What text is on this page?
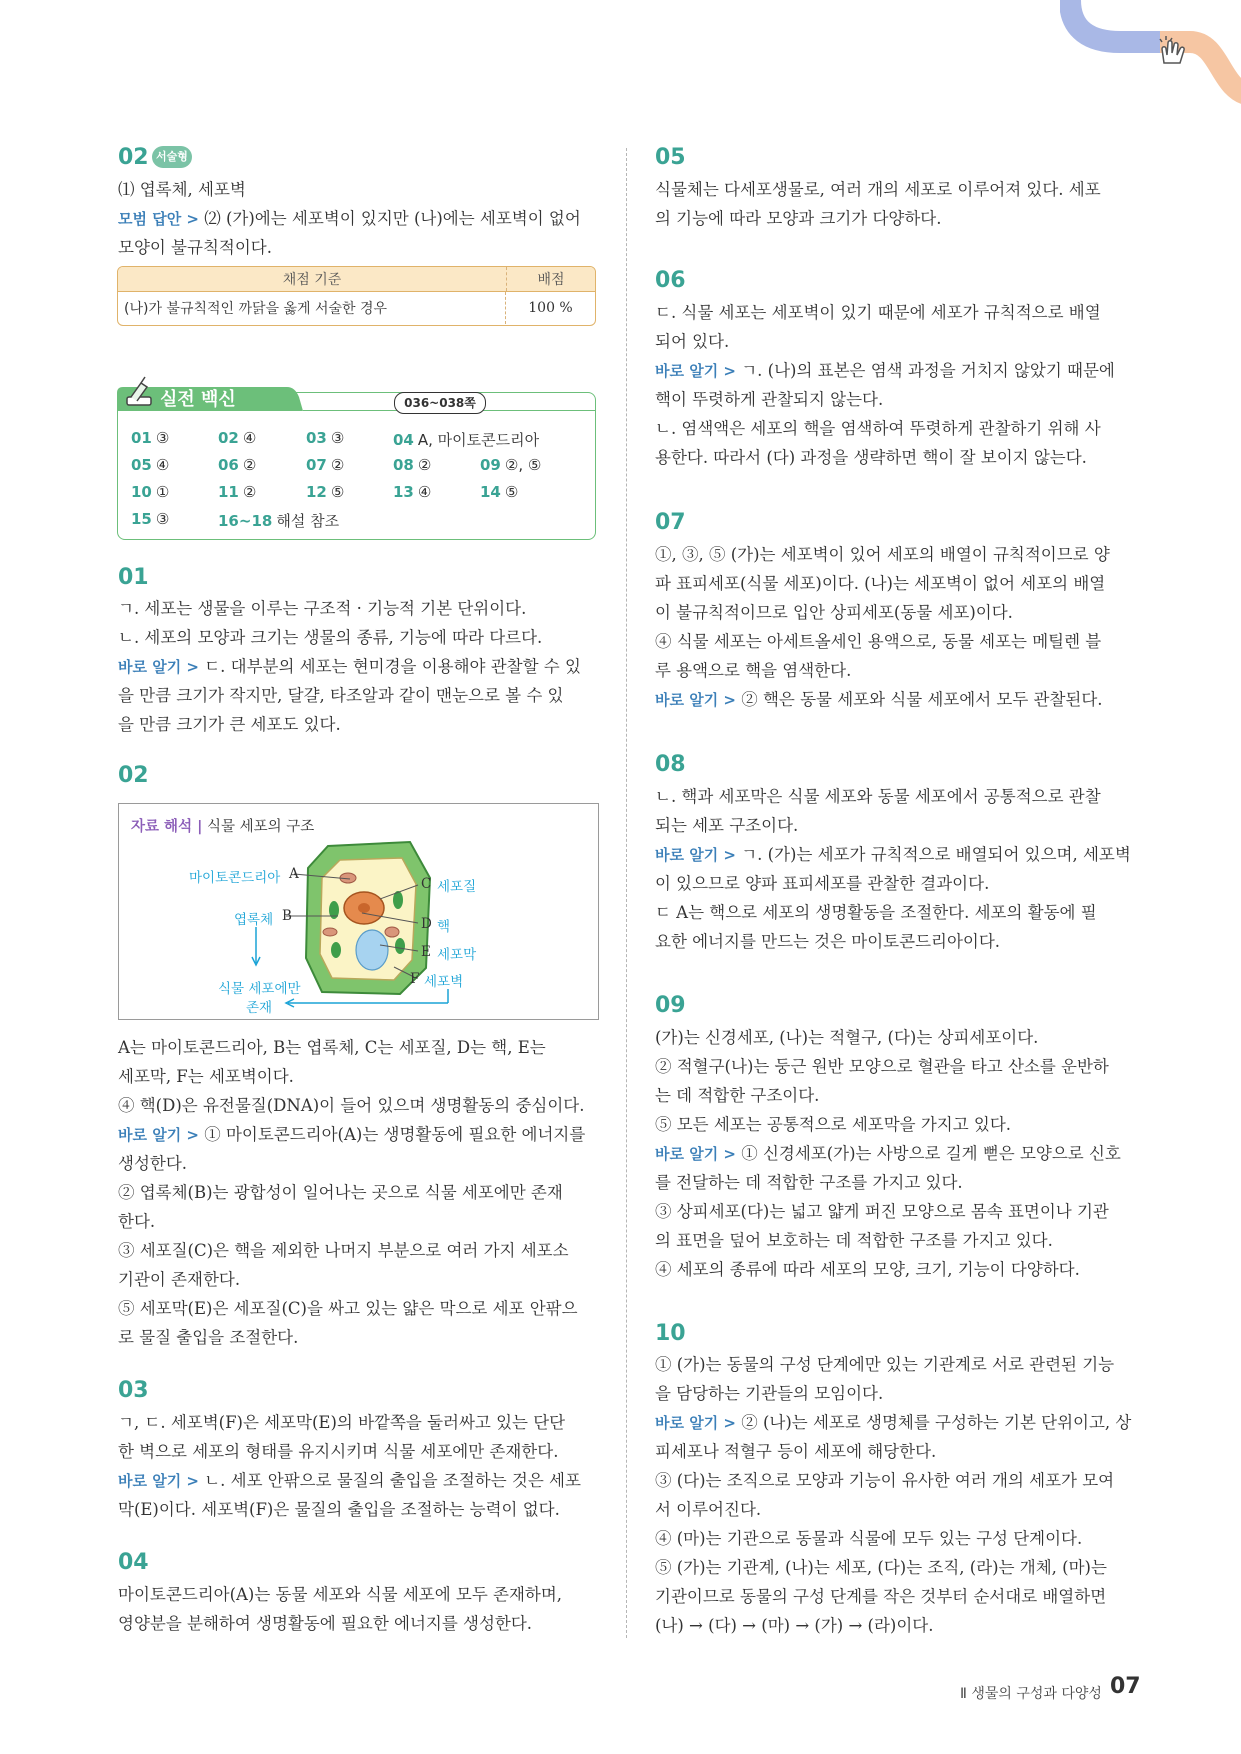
02 서술형
⑴ 엽록체, 세포벽
모범 답안 > ⑵ (가)에는 세포벽이 있지만 (나)에는 세포벽이 없어
모양이 불규칙적이다.
채점 기준	배점
(나)가 불규칙적인 까닭을 옳게 서술한 경우	100 %
실전 백신	036~038쪽
01 ③	02 ④	03 ③	04 A, 마이토콘드리아
05 ④	06 ②	07 ②	08 ②	09 ②, ⑤
10 ①	11 ②	12 ⑤	13 ④	14 ⑤
15 ③	16~18 해설 참조
01
ㄱ. 세포는 생물을 이루는 구조적 · 기능적 기본 단위이다.
ㄴ. 세포의 모양과 크기는 생물의 종류, 기능에 따라 다르다.
바로 알기 > ㄷ. 대부분의 세포는 현미경을 이용해야 관찰할 수 있
을 만큼 크기가 작지만, 달걀, 타조알과 같이 맨눈으로 볼 수 있
을 만큼 크기가 큰 세포도 있다.
02
자료 해석 | 식물 세포의 구조
마이토콘드리아 A
엽록체 B
C 세포질
D 핵
E 세포막
F 세포벽
식물 세포에만
존재
A는 마이토콘드리아, B는 엽록체, C는 세포질, D는 핵, E는
세포막, F는 세포벽이다.
④ 핵(D)은 유전물질(DNA)이 들어 있으며 생명활동의 중심이다.
바로 알기 > ① 마이토콘드리아(A)는 생명활동에 필요한 에너지를
생성한다.
② 엽록체(B)는 광합성이 일어나는 곳으로 식물 세포에만 존재
한다.
③ 세포질(C)은 핵을 제외한 나머지 부분으로 여러 가지 세포소
기관이 존재한다.
⑤ 세포막(E)은 세포질(C)을 싸고 있는 얇은 막으로 세포 안팎으
로 물질 출입을 조절한다.
03
ㄱ, ㄷ. 세포벽(F)은 세포막(E)의 바깥쪽을 둘러싸고 있는 단단
한 벽으로 세포의 형태를 유지시키며 식물 세포에만 존재한다.
바로 알기 > ㄴ. 세포 안팎으로 물질의 출입을 조절하는 것은 세포
막(E)이다. 세포벽(F)은 물질의 출입을 조절하는 능력이 없다.
04
마이토콘드리아(A)는 동물 세포와 식물 세포에 모두 존재하며,
영양분을 분해하여 생명활동에 필요한 에너지를 생성한다.
05
식물체는 다세포생물로, 여러 개의 세포로 이루어져 있다. 세포
의 기능에 따라 모양과 크기가 다양하다.
06
ㄷ. 식물 세포는 세포벽이 있기 때문에 세포가 규칙적으로 배열
되어 있다.
바로 알기 > ㄱ. (나)의 표본은 염색 과정을 거치지 않았기 때문에
핵이 뚜렷하게 관찰되지 않는다.
ㄴ. 염색액은 세포의 핵을 염색하여 뚜렷하게 관찰하기 위해 사
용한다. 따라서 (다) 과정을 생략하면 핵이 잘 보이지 않는다.
07
①, ③, ⑤ (가)는 세포벽이 있어 세포의 배열이 규칙적이므로 양
파 표피세포(식물 세포)이다. (나)는 세포벽이 없어 세포의 배열
이 불규칙적이므로 입안 상피세포(동물 세포)이다.
④ 식물 세포는 아세트올세인 용액으로, 동물 세포는 메틸렌 블
루 용액으로 핵을 염색한다.
바로 알기 > ② 핵은 동물 세포와 식물 세포에서 모두 관찰된다.
08
ㄴ. 핵과 세포막은 식물 세포와 동물 세포에서 공통적으로 관찰
되는 세포 구조이다.
바로 알기 > ㄱ. (가)는 세포가 규칙적으로 배열되어 있으며, 세포벽
이 있으므로 양파 표피세포를 관찰한 결과이다.
ㄷ A는 핵으로 세포의 생명활동을 조절한다. 세포의 활동에 필
요한 에너지를 만드는 것은 마이토콘드리아이다.
09
(가)는 신경세포, (나)는 적혈구, (다)는 상피세포이다.
② 적혈구(나)는 둥근 원반 모양으로 혈관을 타고 산소를 운반하
는 데 적합한 구조이다.
⑤ 모든 세포는 공통적으로 세포막을 가지고 있다.
바로 알기 > ① 신경세포(가)는 사방으로 길게 뻗은 모양으로 신호
를 전달하는 데 적합한 구조를 가지고 있다.
③ 상피세포(다)는 넓고 얇게 퍼진 모양으로 몸속 표면이나 기관
의 표면을 덮어 보호하는 데 적합한 구조를 가지고 있다.
④ 세포의 종류에 따라 세포의 모양, 크기, 기능이 다양하다.
10
① (가)는 동물의 구성 단계에만 있는 기관계로 서로 관련된 기능
을 담당하는 기관들의 모임이다.
바로 알기 > ② (나)는 세포로 생명체를 구성하는 기본 단위이고, 상
피세포나 적혈구 등이 세포에 해당한다.
③ (다)는 조직으로 모양과 기능이 유사한 여러 개의 세포가 모여
서 이루어진다.
④ (마)는 기관으로 동물과 식물에 모두 있는 구성 단계이다.
⑤ (가)는 기관계, (나)는 세포, (다)는 조직, (라)는 개체, (마)는
기관이므로 동물의 구성 단계를 작은 것부터 순서대로 배열하면
(나) → (다) → (마) → (가) → (라)이다.
Ⅱ 생물의 구성과 다양성 07
